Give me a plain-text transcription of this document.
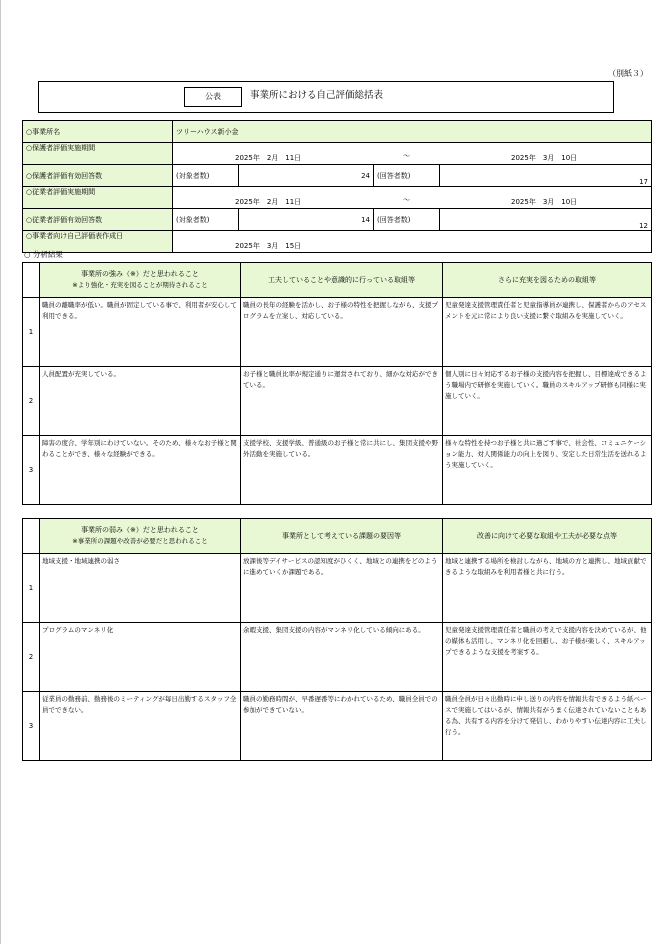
（別紙３）
公表	事業所における自己評価総括表
○事業所名	ツリーハウス新小金			
○保護者評価実施期間	2025年　2月　11日 ～ 2025年　3月　10日			

○保護者評価有効回答数	(対象者数)	24	(回答者数)	17
○従業者評価実施期間	2025年　2月　11日 ～ 2025年　3月　10日			

○従業者評価有効回答数	(対象者数)	14	(回答者数)	12
○事業者向け自己評価表作成日	2025年　3月　15日			
○ 分析結果

	事業所の強み（※）だと思われること
※より強化・充実を図ることが期待されること	工夫していることや意識的に行っている取組等	さらに充実を図るための取組等
1	職員の離職率が低い。職員が固定している事で、利用者が安心して利用できる。	職員の長年の経験を活かし、お子様の特性を把握しながら、支援プログラムを立案し、対応している。	児童発達支援管理責任者と児童指導員が連携し、保護者からのアセスメントを元に常により良い支援に繋ぐ取組みを実施していく。
2	人員配置が充実している。	お子様と職員比率が規定通りに運営されており、細かな対応ができている。	個人別に日々対応するお子様の支援内容を把握し、目標達成できるよう職場内で研修を実施していく。職員のスキルアップ研修も同様に実施していく。
3	障害の度合、学年別にわけていない。そのため、様々なお子様と関わることができ、様々な経験ができる。	支援学校、支援学級、普通級のお子様と常に共にし、集団支援や野外活動を実施している。	様々な特性を持つお子様と共に過ごす事で、社会性、コミュニケーション能力、対人関係能力の向上を図り、安定した日常生活を送れるよう実施していく。

	事業所の弱み（※）だと思われること
※事業所の課題や改善が必要だと思われること	事業所として考えている課題の要因等	改善に向けて必要な取組や工夫が必要な点等
1	地域支援・地域連携の弱さ	放課後等デイサービスの認知度がひくく、地域との連携をどのように進めていくか課題である。	地域と連携する場所を検討しながら、地域の方と連携し、地域貢献できるような取組みを利用者様と共に行う。
2	プログラムのマンネリ化	余暇支援、集団支援の内容がマンネリ化している傾向にある。	児童発達支援管理責任者と職員の考えで支援内容を決めているが、他の媒体も活用し、マンネリ化を回避し、お子様が楽しく、スキルアップできるような支援を考案する。
3	従業員の勤務前、勤務後のミーティングが毎日出勤するスタッフ全員でできない。	職員の勤務時間が、早番遅番等にわかれているため、職員全員での参加ができていない。	職員全員が日々出勤時に申し送りの内容を情報共有できるよう紙ベースで実施してはいるが、情報共有がうまく伝達されていないこともある為、共有する内容を分けて発信し、わかりやすい伝達内容に工夫し行う。
